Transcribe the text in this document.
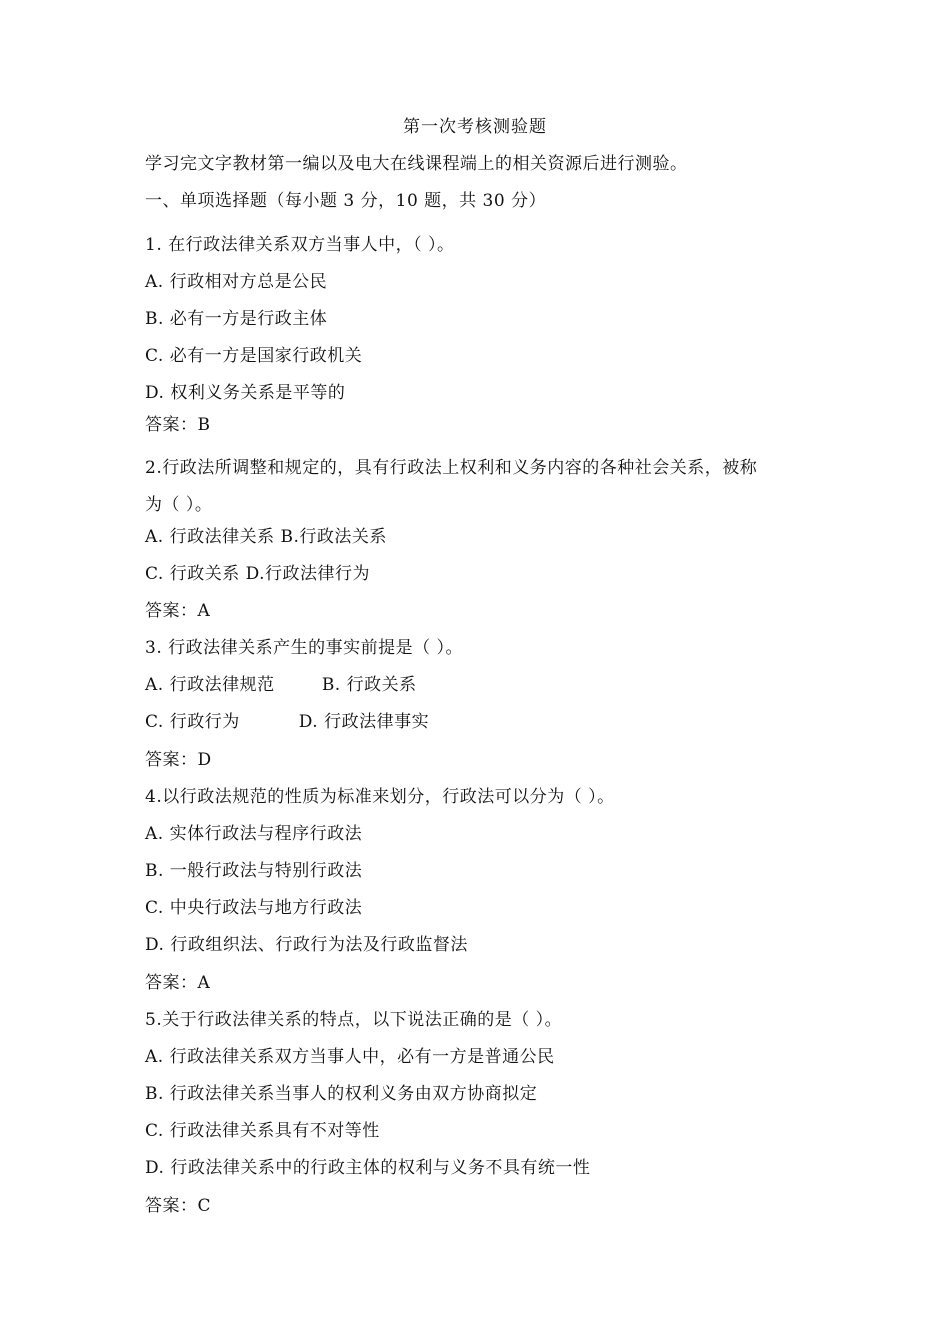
第一次考核测验题
学习完文字教材第一编以及电大在线课程端上的相关资源后进行测验。
一、单项选择题（每小题 3 分，10 题，共 30 分）
1. 在行政法律关系双方当事人中，（ ）。
A. 行政相对方总是公民
B. 必有一方是行政主体
C. 必有一方是国家行政机关
D. 权利义务关系是平等的
答案：B
2.行政法所调整和规定的，具有行政法上权利和义务内容的各种社会关系，被称
为（ ）。
A. 行政法律关系 B.行政法关系
C. 行政关系 D.行政法律行为
答案：A
3. 行政法律关系产生的事实前提是（ ）。
A. 行政法律规范        B. 行政关系
C. 行政行为          D. 行政法律事实
答案：D
4.以行政法规范的性质为标准来划分，行政法可以分为（ ）。
A. 实体行政法与程序行政法
B. 一般行政法与特别行政法
C. 中央行政法与地方行政法
D. 行政组织法、行政行为法及行政监督法
答案：A
5.关于行政法律关系的特点，以下说法正确的是（ ）。
A. 行政法律关系双方当事人中，必有一方是普通公民
B. 行政法律关系当事人的权利义务由双方协商拟定
C. 行政法律关系具有不对等性
D. 行政法律关系中的行政主体的权利与义务不具有统一性
答案：C
